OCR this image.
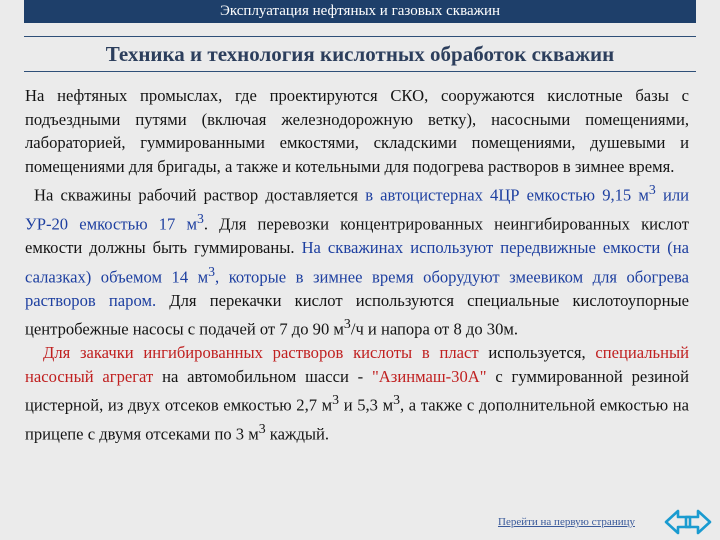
Эксплуатация нефтяных и газовых скважин
Техника и технология кислотных обработок скважин

На нефтяных промыслах, где проектируются СКО, сооружаются кислотные базы с подъездными путями (включая железнодорожную ветку), насосными помещениями, лабораторией, гуммированными емкостями, складскими помещениями, душевыми и помещениями для бригады, а также и котельными для подогрева растворов в зимнее время.

На скважины рабочий раствор доставляется в автоцистернах 4ЦР емкостью 9,15 $м^3$ или УР-20 емкостью 17 $м^3$. Для перевозки концентрированных неингибированных кислот емкости должны быть гуммированы. На скважинах используют передвижные емкости (на салазках) объемом 14 $м^3$, которые в зимнее время оборудуют змеевиком для обогрева растворов паром. Для перекачки кислот используются специальные кислотоупорные центробежные насосы с подачей от 7 до 90 $м^3/ч$ и напора от 8 до 30м.

Для закачки ингибированных растворов кислоты в пласт используется, специальный насосный агрегат на автомобильном шасси - "Азинмаш-30А" с гуммированной резиной цистерной, из двух отсеков емкостью 2,7 $м^3$ и 5,3 $м^3$, а также с дополнительной емкостью на прицепе с двумя отсеками по 3 $м^3$ каждый.

Перейти на первую страницу
